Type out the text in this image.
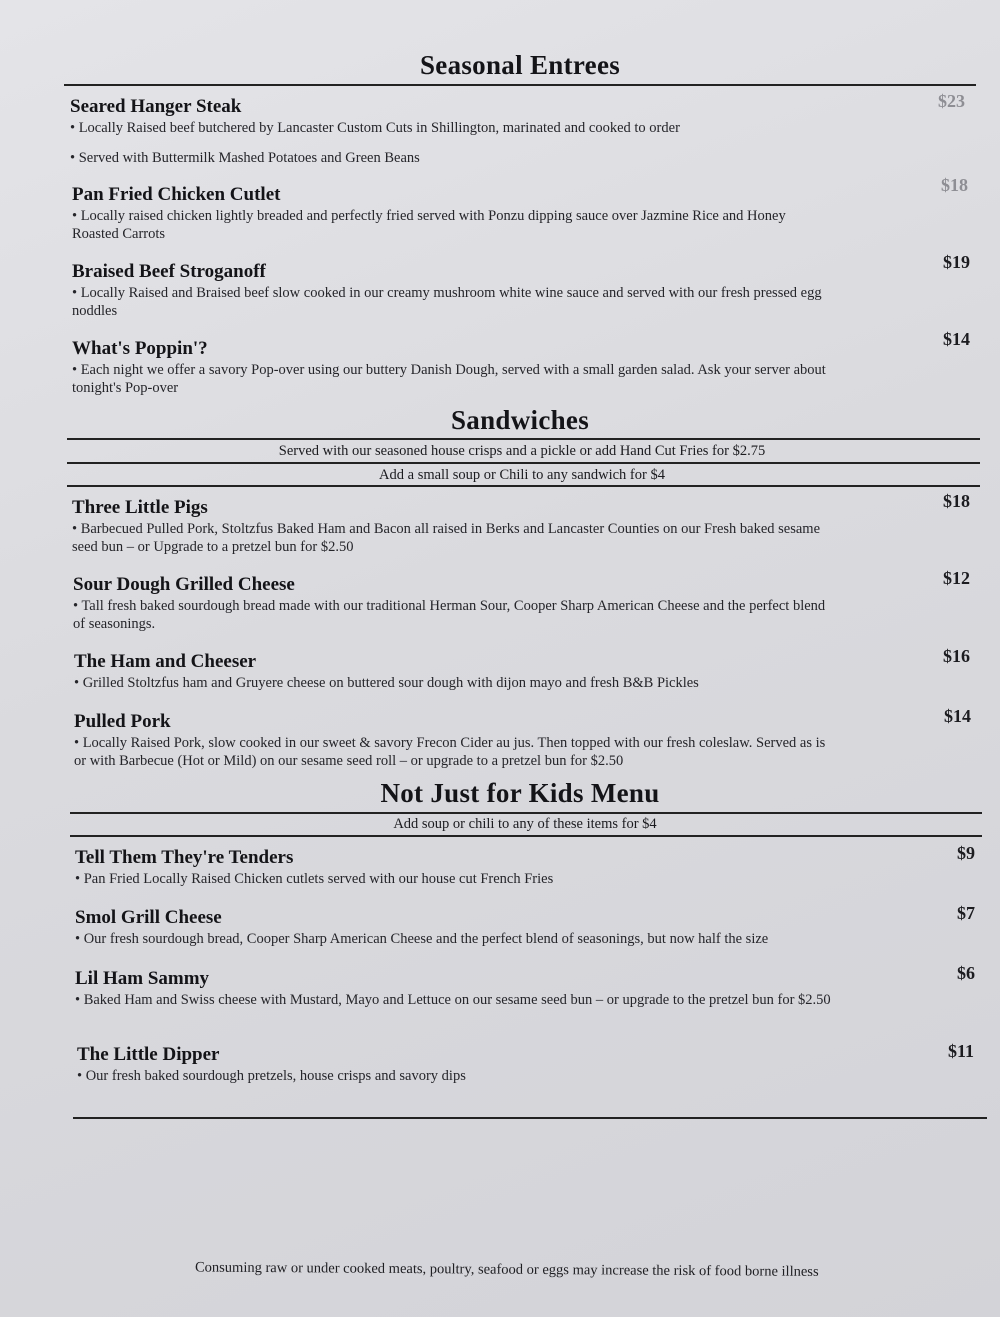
Seasonal Entrees
Seared Hanger Steak
• Locally Raised beef butchered by Lancaster Custom Cuts in Shillington, marinated and cooked to order
• Served with Buttermilk Mashed Potatoes and Green Beans
$23
Pan Fried Chicken Cutlet
• Locally raised chicken lightly breaded and perfectly fried served with Ponzu dipping sauce over Jazmine Rice and Honey Roasted Carrots
$18
Braised Beef Stroganoff
• Locally Raised and Braised beef slow cooked in our creamy mushroom white wine sauce and served with our fresh pressed egg noddles
$19
What's Poppin'?
• Each night we offer a savory Pop-over using our buttery Danish Dough, served with a small garden salad. Ask your server about tonight's Pop-over
$14
Sandwiches
Served with our seasoned house crisps and a pickle or add Hand Cut Fries for $2.75
Add a small soup or Chili to any sandwich for $4
Three Little Pigs
• Barbecued Pulled Pork, Stoltzfus Baked Ham and Bacon all raised in Berks and Lancaster Counties on our Fresh baked sesame seed bun – or Upgrade to a pretzel bun for $2.50
$18
Sour Dough Grilled Cheese
• Tall fresh baked sourdough bread made with our traditional Herman Sour, Cooper Sharp American Cheese and the perfect blend of seasonings.
$12
The Ham and Cheeser
• Grilled Stoltzfus ham and Gruyere cheese on buttered sour dough with dijon mayo and fresh B&B Pickles
$16
Pulled Pork
• Locally Raised Pork, slow cooked in our sweet & savory Frecon Cider au jus. Then topped with our fresh coleslaw. Served as is or with Barbecue (Hot or Mild) on our sesame seed roll – or upgrade to a pretzel bun for $2.50
$14
Not Just for Kids Menu
Add soup or chili to any of these items for $4
Tell Them They're Tenders
• Pan Fried Locally Raised Chicken cutlets served with our house cut French Fries
$9
Smol Grill Cheese
• Our fresh sourdough bread, Cooper Sharp American Cheese and the perfect blend of seasonings, but now half the size
$7
Lil Ham Sammy
• Baked Ham and Swiss cheese with Mustard, Mayo and Lettuce on our sesame seed bun – or upgrade to the pretzel bun for $2.50
$6
The Little Dipper
• Our fresh baked sourdough pretzels, house crisps and savory dips
$11
Consuming raw or under cooked meats, poultry, seafood or eggs may increase the risk of food borne illness
